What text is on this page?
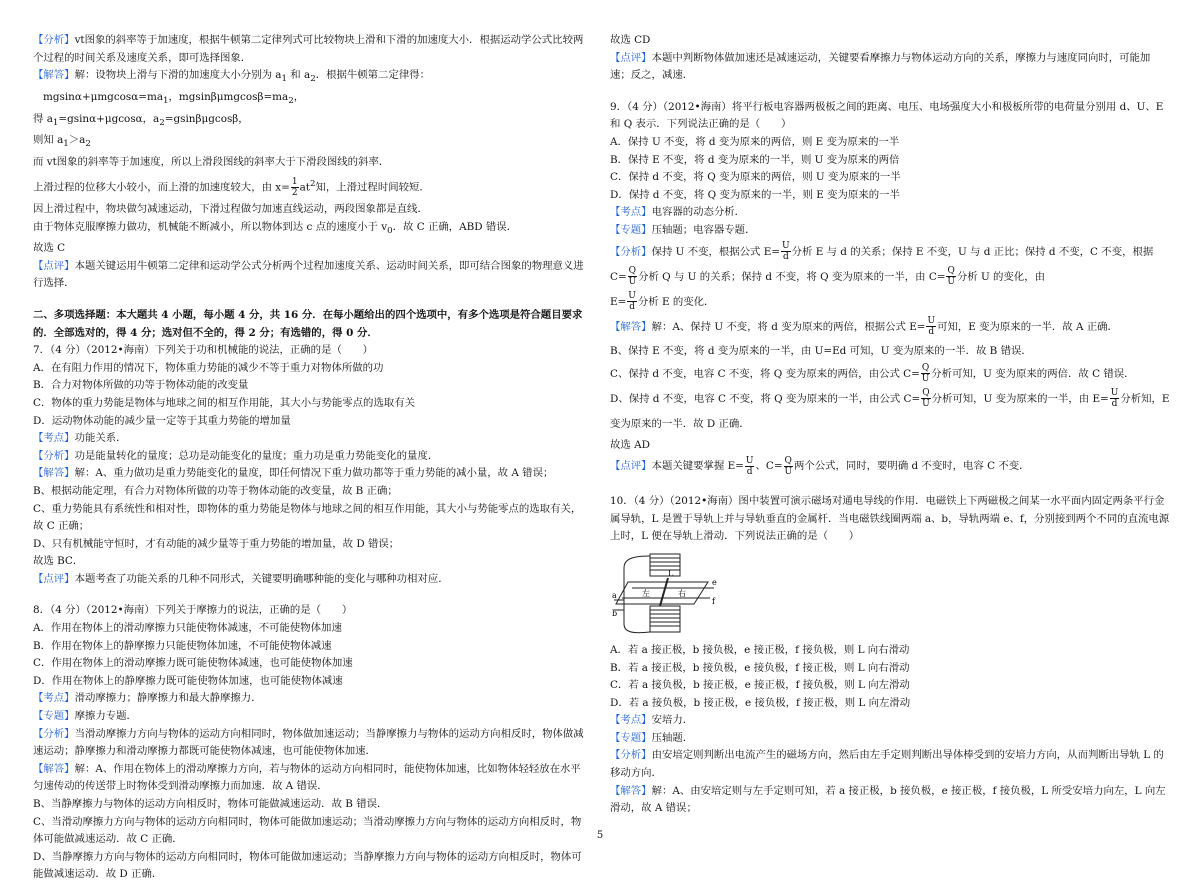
【分析】vt图象的斜率等于加速度，根据牛顿第二定律列式可比较物块上滑和下滑的加速度大小．根据运动学公式比较两个过程的时间关系及速度关系，即可选择图象．

【解答】解：设物块上滑与下滑的加速度大小分别为 $a_1$ 和 $a_2$．根据牛顿第二定律得：

$mgsin\alpha+\mu mgcos\alpha=ma_1$，$mgsin\beta\mu mgcos\beta=ma_2$，

得 $a_1=gsin\alpha+\mu gcos\alpha$，$a_2=gsin\beta\mu gcos\beta$，

则知 $a_1>a_2$

而 vt图象的斜率等于加速度，所以上滑段图线的斜率大于下滑段图线的斜率．

上滑过程的位移大小较小，而上滑的加速度较大，由 $x= \frac{1}{2} at^2$知，上滑过程时间较短．

因上滑过程中，物块做匀减速运动，下滑过程做匀加速直线运动，两段图象都是直线．

由于物体克服摩擦力做功，机械能不断减小，所以物体到达 c 点的速度小于 $v_0$．故 C 正确，ABD 错误．

故选 C

【点评】本题关键运用牛顿第二定律和运动学公式分析两个过程加速度关系、运动时间关系，即可结合图象的物理意义进行选择．

二、多项选择题：本大题共 4 小题，每小题 4 分，共 16 分．在每小题给出的四个选项中，有多个选项是符合题目要求的．全部选对的，得 4 分；选对但不全的，得 2 分；有选错的，得 0 分．

7．（4 分）（2012•海南）下列关于功和机械能的说法，正确的是（　　）

A．在有阻力作用的情况下，物体重力势能的减少不等于重力对物体所做的功

B．合力对物体所做的功等于物体动能的改变量

C．物体的重力势能是物体与地球之间的相互作用能，其大小与势能零点的选取有关

D．运动物体动能的减少量一定等于其重力势能的增加量

【考点】功能关系．

【分析】功是能量转化的量度；总功是动能变化的量度；重力功是重力势能变化的量度．

【解答】解：A、重力做功是重力势能变化的量度，即任何情况下重力做功都等于重力势能的减小量，故 A 错误；

B、根据动能定理，有合力对物体所做的功等于物体动能的改变量，故 B 正确；

C、重力势能具有系统性和相对性，即物体的重力势能是物体与地球之间的相互作用能，其大小与势能零点的选取有关，故 C 正确；

D、只有机械能守恒时，才有动能的减少量等于重力势能的增加量，故 D 错误；

故选 BC．

【点评】本题考查了功能关系的几种不同形式，关键要明确哪种能的变化与哪种功相对应．

8．（4 分）（2012•海南）下列关于摩擦力的说法，正确的是（　　）

A．作用在物体上的滑动摩擦力只能使物体减速，不可能使物体加速

B．作用在物体上的静摩擦力只能使物体加速，不可能使物体减速

C．作用在物体上的滑动摩擦力既可能使物体减速，也可能使物体加速

D．作用在物体上的静摩擦力既可能使物体加速，也可能使物体减速

【考点】滑动摩擦力；静摩擦力和最大静摩擦力．

【专题】摩擦力专题．

【分析】当滑动摩擦力方向与物体的运动方向相同时，物体做加速运动；当静摩擦力与物体的运动方向相反时，物体做减速运动；静摩擦力和滑动摩擦力都既可能使物体减速，也可能使物体加速．

【解答】解：A、作用在物体上的滑动摩擦力方向，若与物体的运动方向相同时，能使物体加速，比如物体轻轻放在水平匀速传动的传送带上时物体受到滑动摩擦力而加速．故 A 错误．

B、当静摩擦力与物体的运动方向相反时，物体可能做减速运动．故 B 错误．

C、当滑动摩擦力方向与物体的运动方向相同时，物体可能做加速运动；当滑动摩擦力方向与物体的运动方向相反时，物体可能做减速运动．故 C 正确．

D、当静摩擦力方向与物体的运动方向相同时，物体可能做加速运动；当静摩擦力方向与物体的运动方向相反时，物体可能做减速运动．故 D 正确．

故选 CD

【点评】本题中判断物体做加速还是减速运动，关键要看摩擦力与物体运动方向的关系，摩擦力与速度同向时，可能加速；反之，减速．

9．（4 分）（2012•海南）将平行板电容器两极板之间的距离、电压、电场强度大小和极板所带的电荷量分别用 d、U、E 和 Q 表示．下列说法正确的是（　　）

A．保持 U 不变，将 d 变为原来的两倍，则 E 变为原来的一半

B．保持 E 不变，将 d 变为原来的一半，则 U 变为原来的两倍

C．保持 d 不变，将 Q 变为原来的两倍，则 U 变为原来的一半

D．保持 d 不变，将 Q 变为原来的一半，则 E 变为原来的一半

【考点】电容器的动态分析．

【专题】压轴题；电容器专题．

【分析】保持 U 不变，根据公式 $E= \frac{U}{d}$ 分析 E 与 d 的关系；保持 E 不变，U 与 d 正比；保持 d 不变，C 不变，根据 $C= \frac{Q}{U}$ 分析 Q 与 U 的关系；保持 d 不变，将 Q 变为原来的一半，由 $C= \frac{Q}{U}$ 分析 U 的变化，由
$E= \frac{U}{d}$ 分析 E 的变化．

【解答】解：A、保持 U 不变，将 d 变为原来的两倍，根据公式 $E= \frac{U}{d}$ 可知，E 变为原来的一半．故 A 正确．

B、保持 E 不变，将 d 变为原来的一半，由 U=Ed 可知，U 变为原来的一半．故 B 错误．

C、保持 d 不变，电容 C 不变，将 Q 变为原来的两倍，由公式 $C= \frac{Q}{U}$ 分析可知，U 变为原来的两倍．故 C 错误．

D、保持 d 不变，电容 C 不变，将 Q 变为原来的一半，由公式 $C= \frac{Q}{U}$ 分析可知，U 变为原来的一半，由 $E= \frac{U}{d}$ 分析知，E
变为原来的一半．故 D 正确．

故选 AD

【点评】本题关键要掌握 $E= \frac{U}{d}$ 、$C= \frac{Q}{U}$ 两个公式，同时，要明确 d 不变时，电容 C 不变．

10．（4 分）（2012•海南）图中装置可演示磁场对通电导线的作用．电磁铁上下两磁极之间某一水平面内固定两条平行金属导轨，L 是置于导轨上并与导轨垂直的金属杆．当电磁铁线圈两端 a、b，导轨两端 e、f，分别接到两个不同的直流电源上时，L 便在导轨上滑动．下列说法正确的是（　　）

a
b
e
f
L
左	右

A．若 a 接正极，b 接负极，e 接正极，f 接负极，则 L 向右滑动

B．若 a 接正极，b 接负极，e 接负极，f 接正极，则 L 向右滑动

C．若 a 接负极，b 接正极，e 接正极，f 接负极，则 L 向左滑动

D．若 a 接负极，b 接正极，e 接负极，f 接正极，则 L 向左滑动

【考点】安培力．

【专题】压轴题．

【分析】由安培定则判断出电流产生的磁场方向，然后由左手定则判断出导体棒受到的安培力方向，从而判断出导轨 L 的移动方向．

【解答】解：A、由安培定则与左手定则可知，若 a 接正极，b 接负极，e 接正极，f 接负极，L 所受安培力向左，L 向左滑动，故 A 错误；

5
